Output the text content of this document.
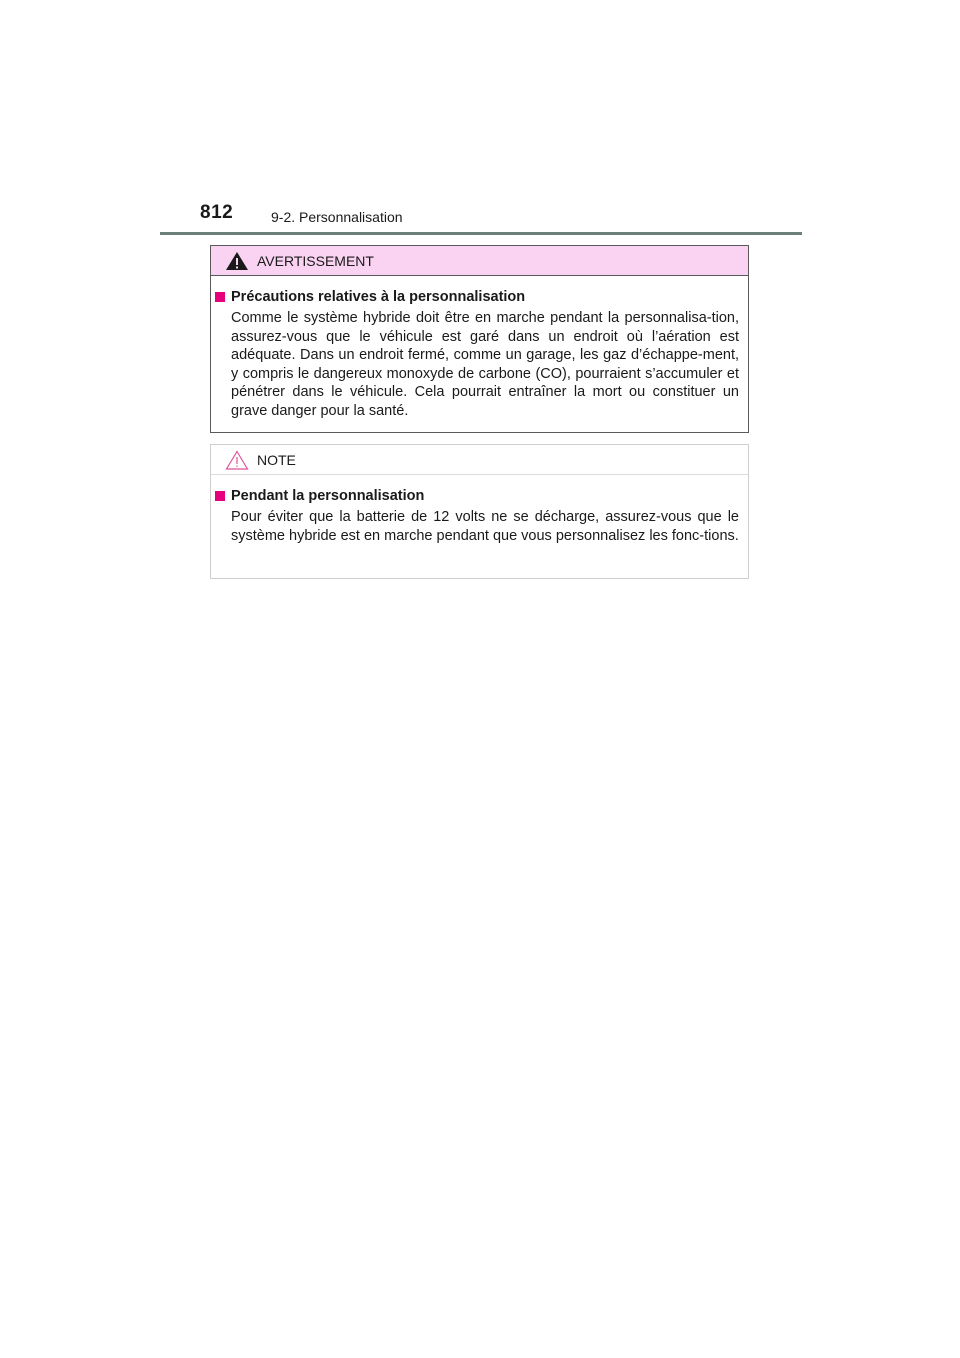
812	9-2. Personnalisation
AVERTISSEMENT
Précautions relatives à la personnalisation

Comme le système hybride doit être en marche pendant la personnalisa-tion, assurez-vous que le véhicule est garé dans un endroit où l’aération est adéquate. Dans un endroit fermé, comme un garage, les gaz d’échappe-ment, y compris le dangereux monoxyde de carbone (CO), pourraient s’accumuler et pénétrer dans le véhicule. Cela pourrait entraîner la mort ou constituer un grave danger pour la santé.

NOTE
Pendant la personnalisation

Pour éviter que la batterie de 12 volts ne se décharge, assurez-vous que le système hybride est en marche pendant que vous personnalisez les fonc-tions.
